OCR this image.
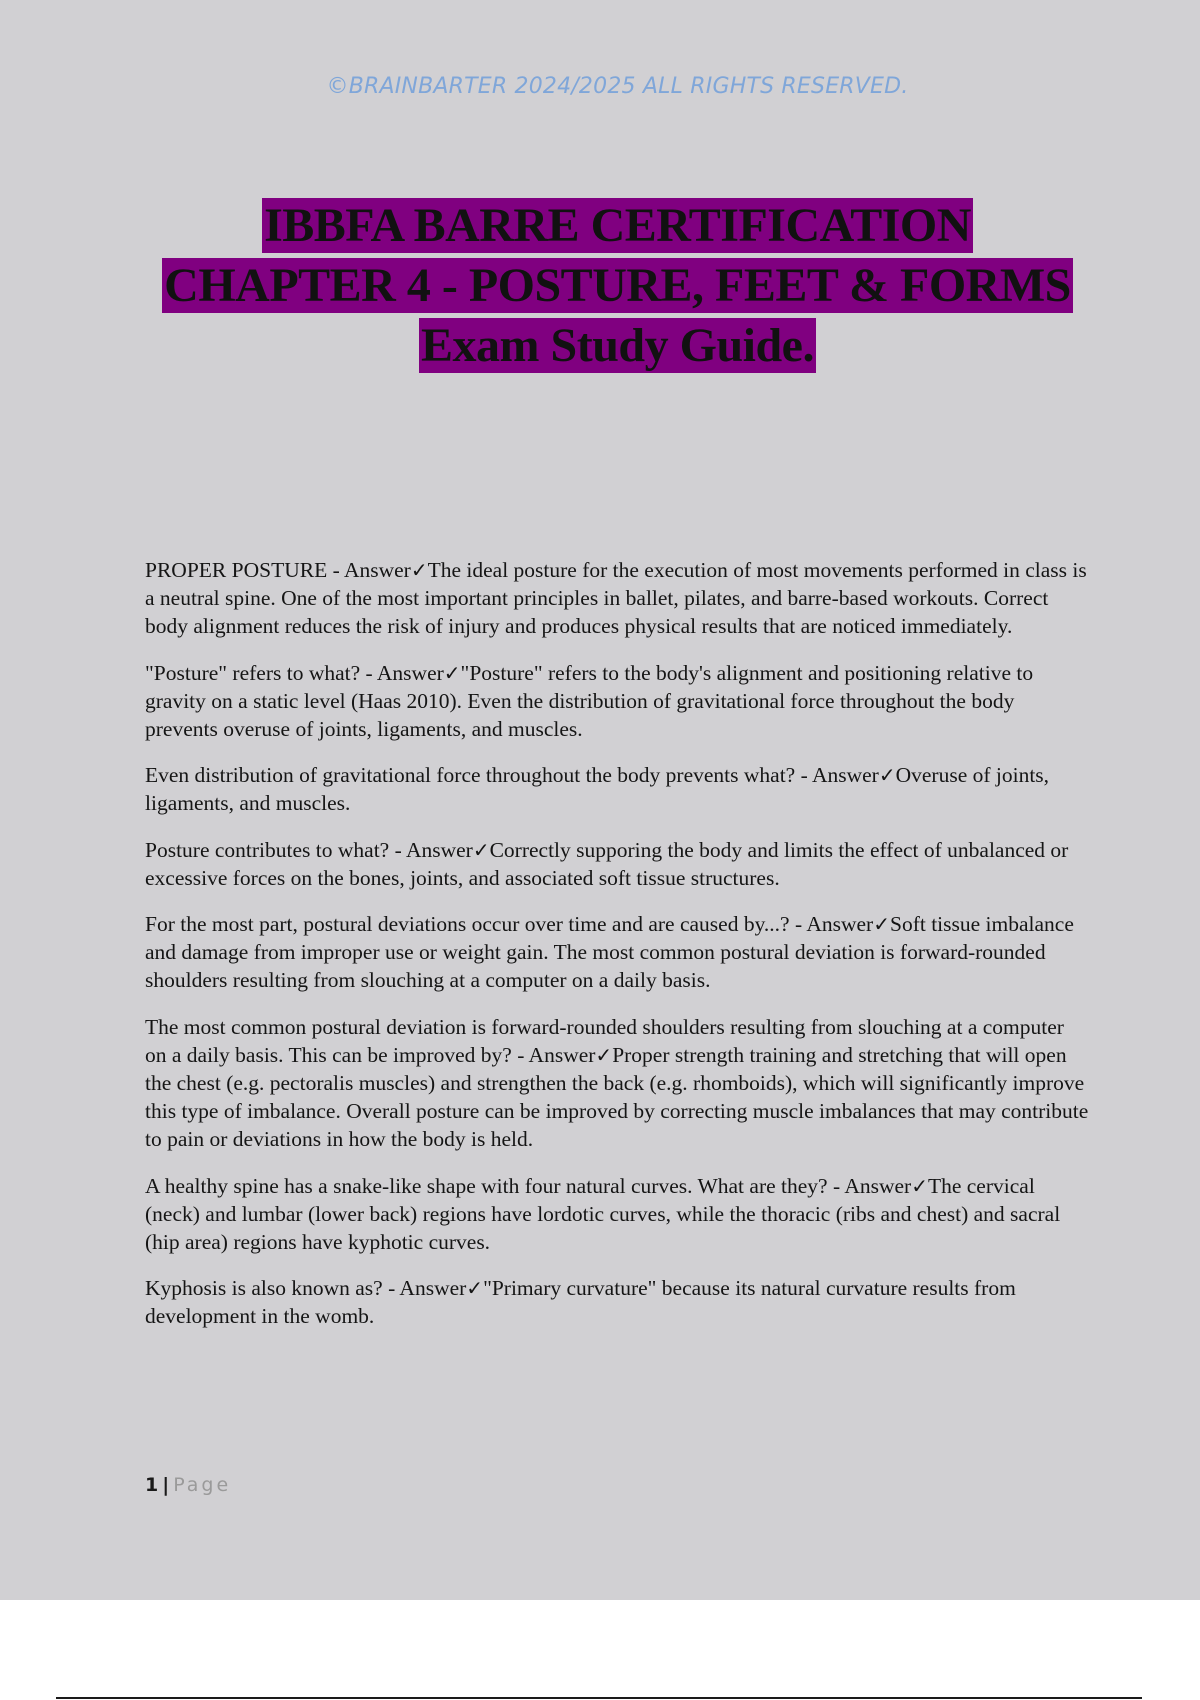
©BRAINBARTER 2024/2025 ALL RIGHTS RESERVED.
IBBFA BARRE CERTIFICATION
CHAPTER 4 - POSTURE, FEET & FORMS
Exam Study Guide.
PROPER POSTURE - Answer✓The ideal posture for the execution of most movements performed in class is a neutral spine. One of the most important principles in ballet, pilates, and barre-based workouts. Correct body alignment reduces the risk of injury and produces physical results that are noticed immediately.
"Posture" refers to what? - Answer✓"Posture" refers to the body's alignment and positioning relative to gravity on a static level (Haas 2010). Even the distribution of gravitational force throughout the body prevents overuse of joints, ligaments, and muscles.
Even distribution of gravitational force throughout the body prevents what? - Answer✓Overuse of joints, ligaments, and muscles.
Posture contributes to what? - Answer✓Correctly supporing the body and limits the effect of unbalanced or excessive forces on the bones, joints, and associated soft tissue structures.
For the most part, postural deviations occur over time and are caused by...? - Answer✓Soft tissue imbalance and damage from improper use or weight gain. The most common postural deviation is forward-rounded shoulders resulting from slouching at a computer on a daily basis.
The most common postural deviation is forward-rounded shoulders resulting from slouching at a computer on a daily basis. This can be improved by? - Answer✓Proper strength training and stretching that will open the chest (e.g. pectoralis muscles) and strengthen the back (e.g. rhomboids), which will significantly improve this type of imbalance. Overall posture can be improved by correcting muscle imbalances that may contribute to pain or deviations in how the body is held.
A healthy spine has a snake-like shape with four natural curves. What are they? - Answer✓The cervical (neck) and lumbar (lower back) regions have lordotic curves, while the thoracic (ribs and chest) and sacral (hip area) regions have kyphotic curves.
Kyphosis is also known as? - Answer✓"Primary curvature" because its natural curvature results from development in the womb.
1 | Page
